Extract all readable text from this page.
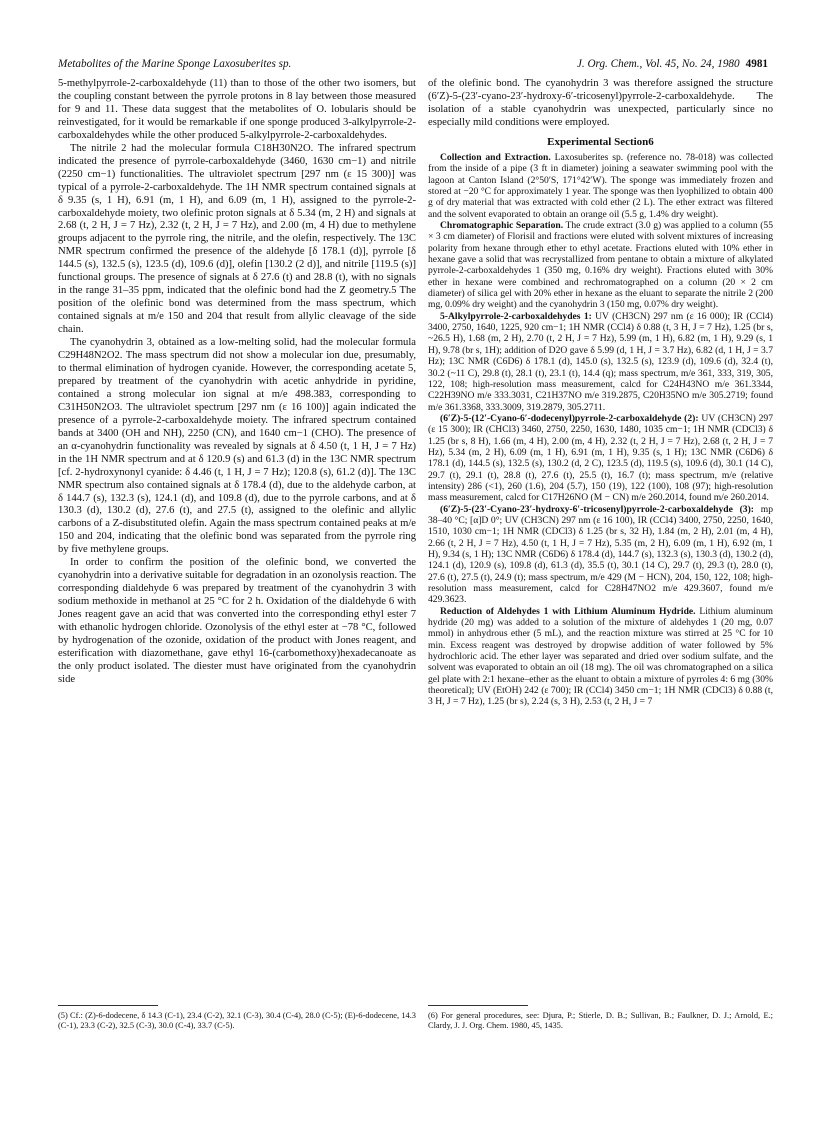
Metabolites of the Marine Sponge Laxosuberites sp.	J. Org. Chem., Vol. 45, No. 24, 1980 4981

5-methylpyrrole-2-carboxaldehyde (11) than to those of the other two isomers, but the coupling constant between the pyrrole protons in 8 lay between those measured for 9 and 11. These data suggest that the metabolites of O. lobularis should be reinvestigated, for it would be remarkable if one sponge produced 3-alkylpyrrole-2-carboxaldehydes while the other produced 5-alkylpyrrole-2-carboxaldehydes.

The nitrile 2 had the molecular formula C18H30N2O. The infrared spectrum indicated the presence of pyrrole-carboxaldehyde (3460, 1630 cm−1) and nitrile (2250 cm−1) functionalities. The ultraviolet spectrum [297 nm (ε 15 300)] was typical of a pyrrole-2-carboxaldehyde. The 1H NMR spectrum contained signals at δ 9.35 (s, 1 H), 6.91 (m, 1 H), and 6.09 (m, 1 H), assigned to the pyrrole-2-carboxaldehyde moiety, two olefinic proton signals at δ 5.34 (m, 2 H) and signals at 2.68 (t, 2 H, J = 7 Hz), 2.32 (t, 2 H, J = 7 Hz), and 2.00 (m, 4 H) due to methylene groups adjacent to the pyrrole ring, the nitrile, and the olefin, respectively. The 13C NMR spectrum confirmed the presence of the aldehyde [δ 178.1 (d)], pyrrole [δ 144.5 (s), 132.5 (s), 123.5 (d), 109.6 (d)], olefin [130.2 (2 d)], and nitrile [119.5 (s)] functional groups. The presence of signals at δ 27.6 (t) and 28.8 (t), with no signals in the range 31–35 ppm, indicated that the olefinic bond had the Z geometry.5 The position of the olefinic bond was determined from the mass spectrum, which contained signals at m/e 150 and 204 that result from allylic cleavage of the side chain.

The cyanohydrin 3, obtained as a low-melting solid, had the molecular formula C29H48N2O2. The mass spectrum did not show a molecular ion due, presumably, to thermal elimination of hydrogen cyanide. However, the corresponding acetate 5, prepared by treatment of the cyanohydrin with acetic anhydride in pyridine, contained a strong molecular ion signal at m/e 498.383, corresponding to C31H50N2O3. The ultraviolet spectrum [297 nm (ε 16 100)] again indicated the presence of a pyrrole-2-carboxaldehyde moiety. The infrared spectrum contained bands at 3400 (OH and NH), 2250 (CN), and 1640 cm−1 (CHO). The presence of an α-cyanohydrin functionality was revealed by signals at δ 4.50 (t, 1 H, J = 7 Hz) in the 1H NMR spectrum and at δ 120.9 (s) and 61.3 (d) in the 13C NMR spectrum [cf. 2-hydroxynonyl cyanide: δ 4.46 (t, 1 H, J = 7 Hz); 120.8 (s), 61.2 (d)]. The 13C NMR spectrum also contained signals at δ 178.4 (d), due to the aldehyde carbon, at δ 144.7 (s), 132.3 (s), 124.1 (d), and 109.8 (d), due to the pyrrole carbons, and at δ 130.3 (d), 130.2 (d), 27.6 (t), and 27.5 (t), assigned to the olefinic and allylic carbons of a Z-disubstituted olefin. Again the mass spectrum contained peaks at m/e 150 and 204, indicating that the olefinic bond was separated from the pyrrole ring by five methylene groups.

In order to confirm the position of the olefinic bond, we converted the cyanohydrin into a derivative suitable for degradation in an ozonolysis reaction. The corresponding dialdehyde 6 was prepared by treatment of the cyanohydrin 3 with sodium methoxide in methanol at 25 °C for 2 h. Oxidation of the dialdehyde 6 with Jones reagent gave an acid that was converted into the corresponding ethyl ester 7 with ethanolic hydrogen chloride. Ozonolysis of the ethyl ester at −78 °C, followed by hydrogenation of the ozonide, oxidation of the product with Jones reagent, and esterification with diazomethane, gave ethyl 16-(carbomethoxy)hexadecanoate as the only product isolated. The diester must have originated from the cyanohydrin side

of the olefinic bond. The cyanohydrin 3 was therefore assigned the structure (6′Z)-5-(23′-cyano-23′-hydroxy-6′-tricosenyl)pyrrole-2-carboxaldehyde. The isolation of a stable cyanohydrin was unexpected, particularly since no especially mild conditions were employed.

Experimental Section6

Collection and Extraction. Laxosuberites sp. (reference no. 78-018) was collected from the inside of a pipe (3 ft in diameter) joining a seawater swimming pool with the lagoon at Canton Island (2°50′S, 171°42′W). The sponge was immediately frozen and stored at −20 °C for approximately 1 year. The sponge was then lyophilized to obtain 400 g of dry material that was extracted with cold ether (2 L). The ether extract was filtered and the solvent evaporated to obtain an orange oil (5.5 g, 1.4% dry weight).

Chromatographic Separation. The crude extract (3.0 g) was applied to a column (55 × 3 cm diameter) of Florisil and fractions were eluted with solvent mixtures of increasing polarity from hexane through ether to ethyl acetate. Fractions eluted with 10% ether in hexane gave a solid that was recrystallized from pentane to obtain a mixture of alkylated pyrrole-2-carboxaldehydes 1 (350 mg, 0.16% dry weight). Fractions eluted with 30% ether in hexane were combined and rechromatographed on a column (20 × 2 cm diameter) of silica gel with 20% ether in hexane as the eluant to separate the nitrile 2 (200 mg, 0.09% dry weight) and the cyanohydrin 3 (150 mg, 0.07% dry weight).

5-Alkylpyrrole-2-carboxaldehydes 1: UV (CH3CN) 297 nm (ε 16 000); IR (CCl4) 3400, 2750, 1640, 1225, 920 cm−1; 1H NMR (CCl4) δ 0.88 (t, 3 H, J = 7 Hz), 1.25 (br s, ~26.5 H), 1.68 (m, 2 H), 2.70 (t, 2 H, J = 7 Hz), 5.99 (m, 1 H), 6.82 (m, 1 H), 9.29 (s, 1 H), 9.78 (br s, 1H); addition of D2O gave δ 5.99 (d, 1 H, J = 3.7 Hz), 6.82 (d, 1 H, J = 3.7 Hz); 13C NMR (C6D6) δ 178.1 (d), 145.0 (s), 132.5 (s), 123.9 (d), 109.6 (d), 32.4 (t), 30.2 (~11 C), 29.8 (t), 28.1 (t), 23.1 (t), 14.4 (q); mass spectrum, m/e 361, 333, 319, 305, 122, 108; high-resolution mass measurement, calcd for C24H43NO m/e 361.3344, C22H39NO m/e 333.3031, C21H37NO m/e 319.2875, C20H35NO m/e 305.2719; found m/e 361.3368, 333.3009, 319.2879, 305.2711.

(6′Z)-5-(12′-Cyano-6′-dodecenyl)pyrrole-2-carboxaldehyde (2): UV (CH3CN) 297 (ε 15 300); IR (CHCl3) 3460, 2750, 2250, 1630, 1480, 1035 cm−1; 1H NMR (CDCl3) δ 1.25 (br s, 8 H), 1.66 (m, 4 H), 2.00 (m, 4 H), 2.32 (t, 2 H, J = 7 Hz), 2.68 (t, 2 H, J = 7 Hz), 5.34 (m, 2 H), 6.09 (m, 1 H), 6.91 (m, 1 H), 9.35 (s, 1 H); 13C NMR (C6D6) δ 178.1 (d), 144.5 (s), 132.5 (s), 130.2 (d, 2 C), 123.5 (d), 119.5 (s), 109.6 (d), 30.1 (14 C), 29.7 (t), 29.1 (t), 28.8 (t), 27.6 (t), 25.5 (t), 16.7 (t); mass spectrum, m/e (relative intensity) 286 (<1), 260 (1.6), 204 (5.7), 150 (19), 122 (100), 108 (97); high-resolution mass measurement, calcd for C17H26NO (M − CN) m/e 260.2014, found m/e 260.2014.

(6′Z)-5-(23′-Cyano-23′-hydroxy-6′-tricosenyl)pyrrole-2-carboxaldehyde (3): mp 38–40 °C; [α]D 0°; UV (CH3CN) 297 nm (ε 16 100), IR (CCl4) 3400, 2750, 2250, 1640, 1510, 1030 cm−1; 1H NMR (CDCl3) δ 1.25 (br s, 32 H), 1.84 (m, 2 H), 2.01 (m, 4 H), 2.66 (t, 2 H, J = 7 Hz), 4.50 (t, 1 H, J = 7 Hz), 5.35 (m, 2 H), 6.09 (m, 1 H), 6.92 (m, 1 H), 9.34 (s, 1 H); 13C NMR (C6D6) δ 178.4 (d), 144.7 (s), 132.3 (s), 130.3 (d), 130.2 (d), 124.1 (d), 120.9 (s), 109.8 (d), 61.3 (d), 35.5 (t), 30.1 (14 C), 29.7 (t), 29.3 (t), 28.0 (t), 27.6 (t), 27.5 (t), 24.9 (t); mass spectrum, m/e 429 (M − HCN), 204, 150, 122, 108; high-resolution mass measurement, calcd for C28H47NO2 m/e 429.3607, found m/e 429.3623.

Reduction of Aldehydes 1 with Lithium Aluminum Hydride. Lithium aluminum hydride (20 mg) was added to a solution of the mixture of aldehydes 1 (20 mg, 0.07 mmol) in anhydrous ether (5 mL), and the reaction mixture was stirred at 25 °C for 10 min. Excess reagent was destroyed by dropwise addition of water followed by 5% hydrochloric acid. The ether layer was separated and dried over sodium sulfate, and the solvent was evaporated to obtain an oil (18 mg). The oil was chromatographed on a silica gel plate with 2:1 hexane–ether as the eluant to obtain a mixture of pyrroles 4: 6 mg (30% theoretical); UV (EtOH) 242 (ε 700); IR (CCl4) 3450 cm−1; 1H NMR (CDCl3) δ 0.88 (t, 3 H, J = 7 Hz), 1.25 (br s), 2.24 (s, 3 H), 2.53 (t, 2 H, J = 7

(5) Cf.: (Z)-6-dodecene, δ 14.3 (C-1), 23.4 (C-2), 32.1 (C-3), 30.4 (C-4), 28.0 (C-5); (E)-6-dodecene, 14.3 (C-1), 23.3 (C-2), 32.5 (C-3), 30.0 (C-4), 33.7 (C-5).
(6) For general procedures, see: Djura, P.; Stierle, D. B.; Sullivan, B.; Faulkner, D. J.; Arnold, E.; Clardy, J. J. Org. Chem. 1980, 45, 1435.
